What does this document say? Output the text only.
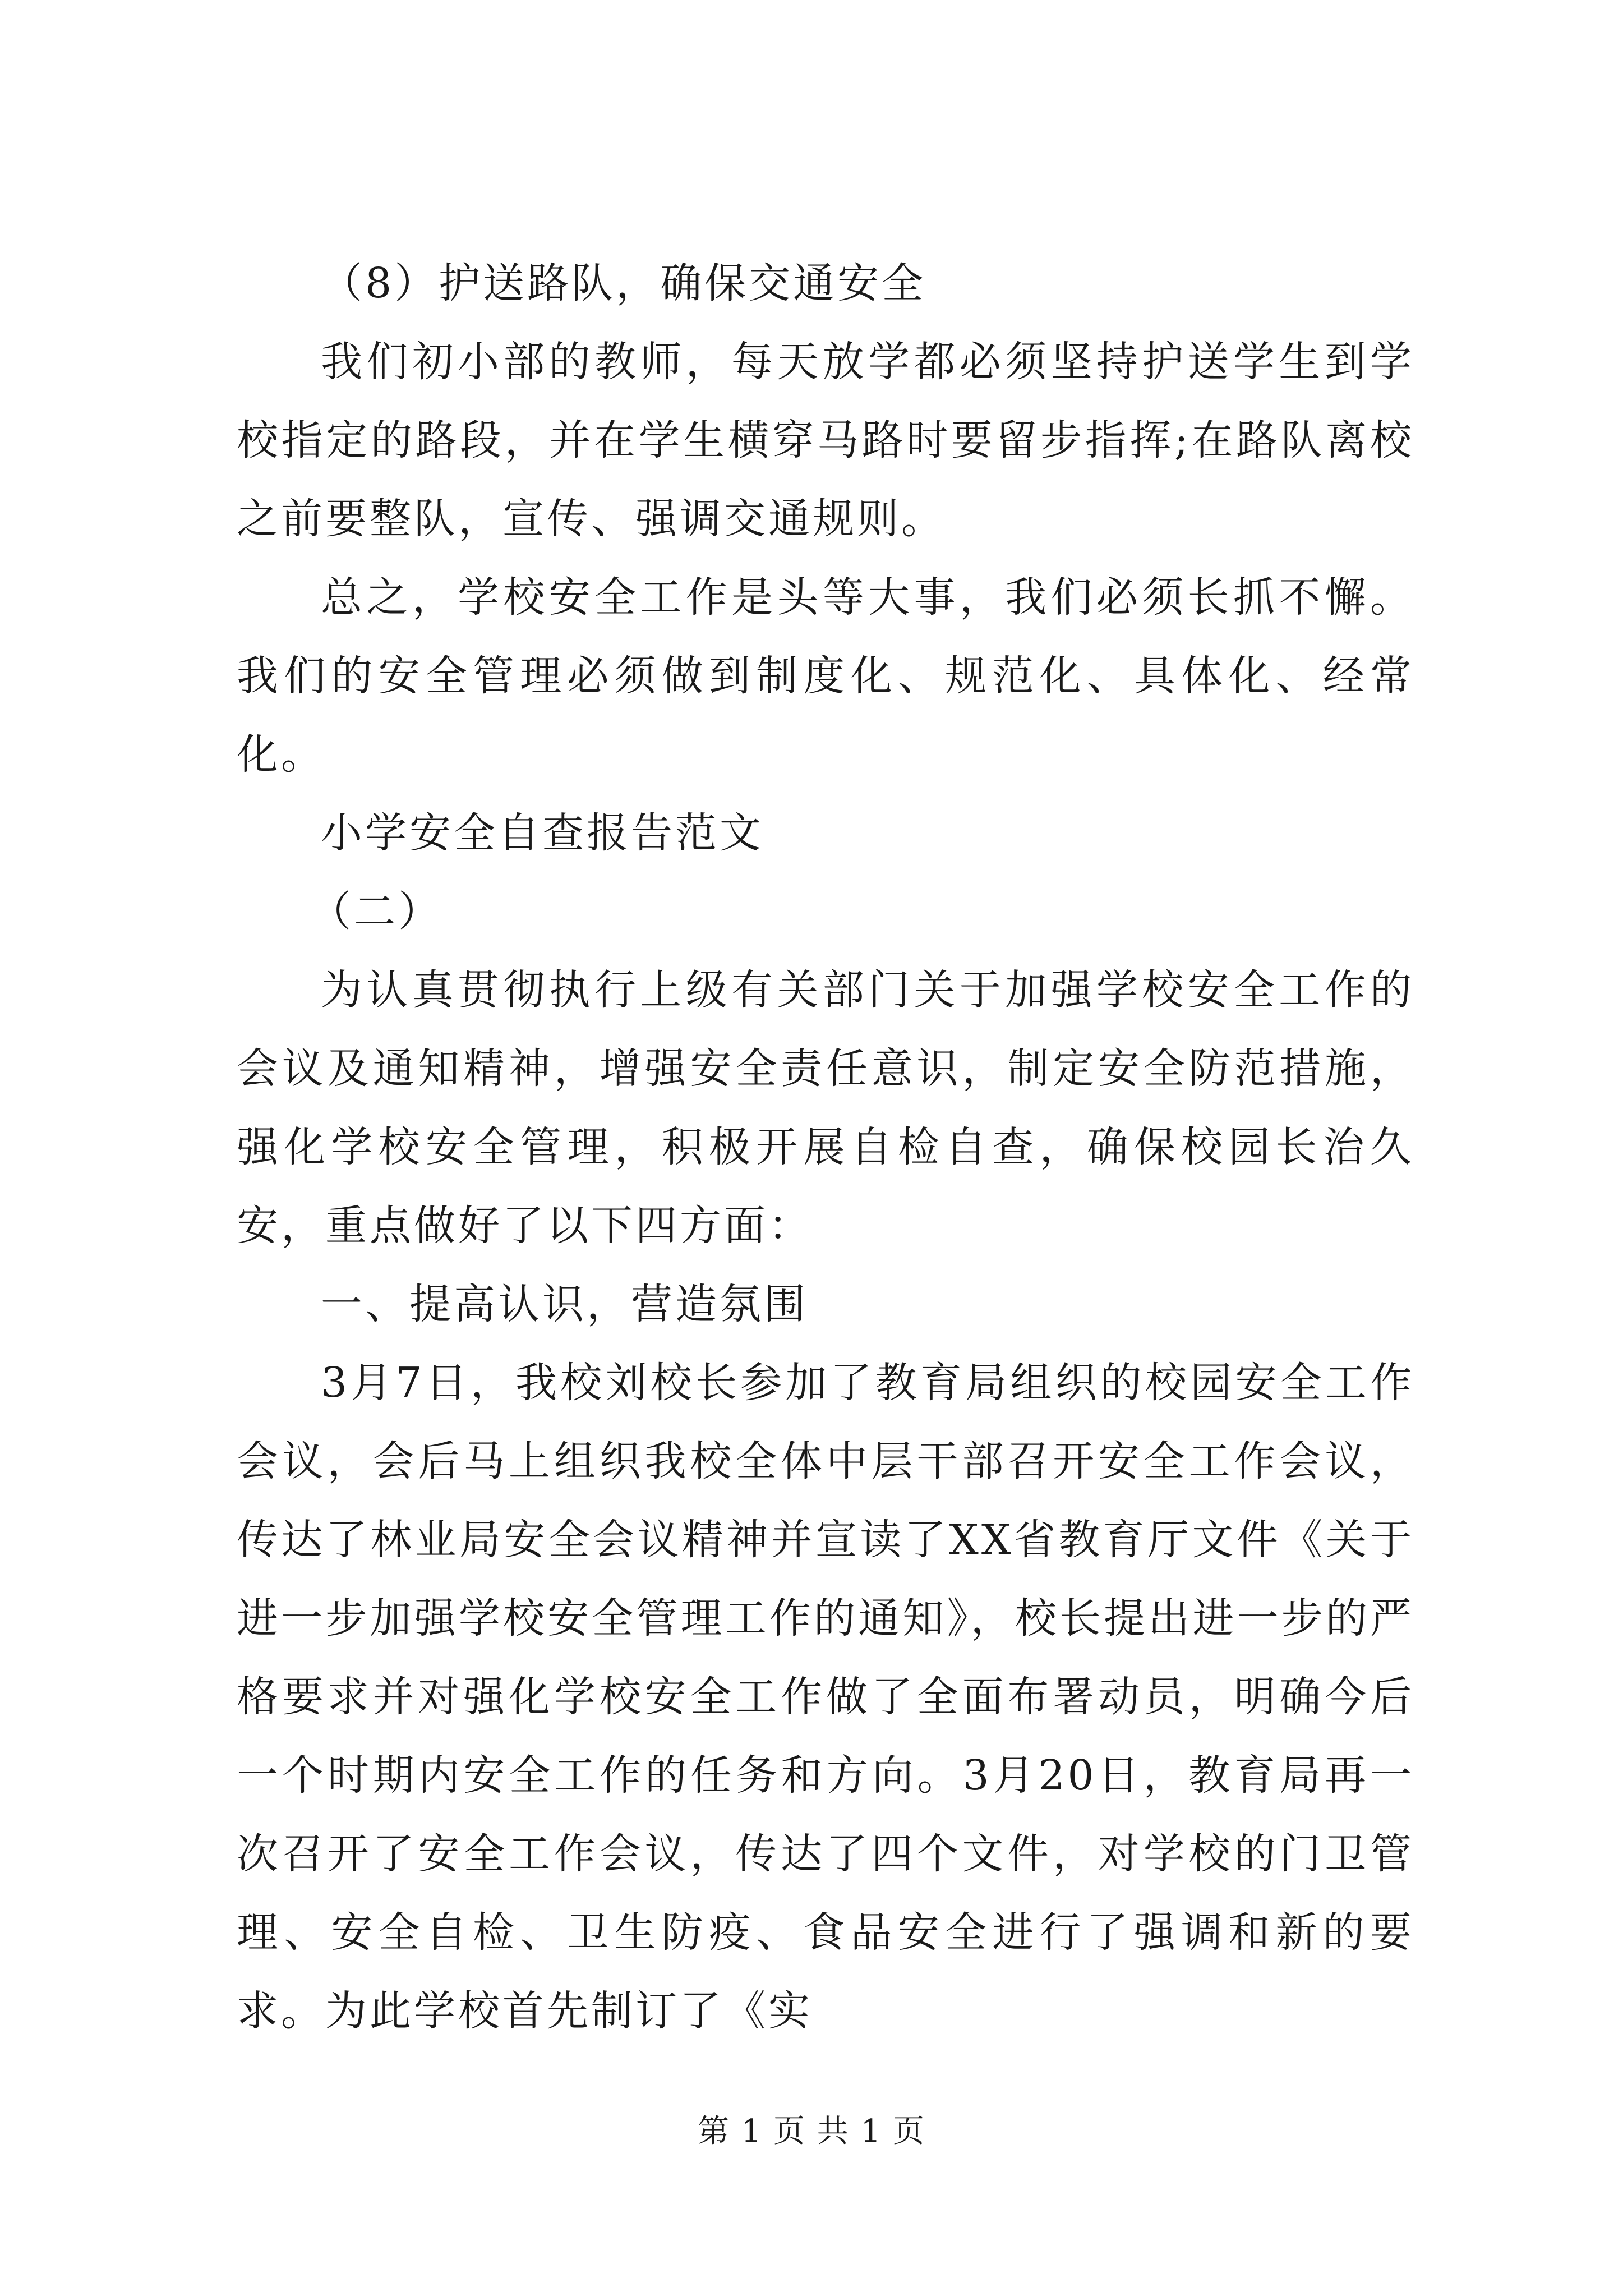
（8）护送路队，确保交通安全

我们初小部的教师，每天放学都必须坚持护送学生到学校指定的路段，并在学生横穿马路时要留步指挥;在路队离校之前要整队，宣传、强调交通规则。

总之，学校安全工作是头等大事，我们必须长抓不懈。我们的安全管理必须做到制度化、规范化、具体化、经常化。

小学安全自查报告范文

（二）

为认真贯彻执行上级有关部门关于加强学校安全工作的会议及通知精神，增强安全责任意识，制定安全防范措施，强化学校安全管理，积极开展自检自查，确保校园长治久安，重点做好了以下四方面：

一、提高认识，营造氛围

3月7日，我校刘校长参加了教育局组织的校园安全工作会议，会后马上组织我校全体中层干部召开安全工作会议，传达了林业局安全会议精神并宣读了XX省教育厅文件《关于进一步加强学校安全管理工作的通知》，校长提出进一步的严格要求并对强化学校安全工作做了全面布署动员，明确今后一个时期内安全工作的任务和方向。3月20日，教育局再一次召开了安全工作会议，传达了四个文件，对学校的门卫管理、安全自检、卫生防疫、食品安全进行了强调和新的要求。为此学校首先制订了《实

第 1 页 共 1 页
